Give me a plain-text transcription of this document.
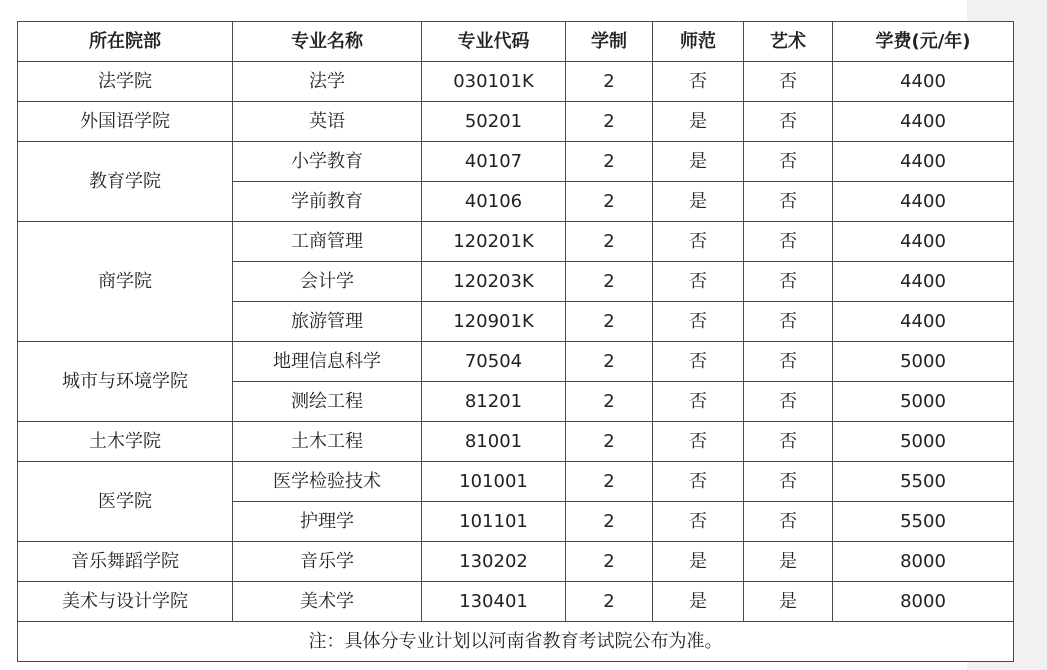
所在院部	专业名称	专业代码	学制	师范	艺术	学费(元/年)
法学院	法学	030101K	2	否	否	4400
外国语学院	英语	50201	2	是	否	4400
教育学院	小学教育	40107	2	是	否	4400
	学前教育	40106	2	是	否	4400
商学院	工商管理	120201K	2	否	否	4400
	会计学	120203K	2	否	否	4400
	旅游管理	120901K	2	否	否	4400
城市与环境学院	地理信息科学	70504	2	否	否	5000
	测绘工程	81201	2	否	否	5000
土木学院	土木工程	81001	2	否	否	5000
医学院	医学检验技术	101001	2	否	否	5500
	护理学	101101	2	否	否	5500
音乐舞蹈学院	音乐学	130202	2	是	是	8000
美术与设计学院	美术学	130401	2	是	是	8000
注：具体分专业计划以河南省教育考试院公布为准。						
